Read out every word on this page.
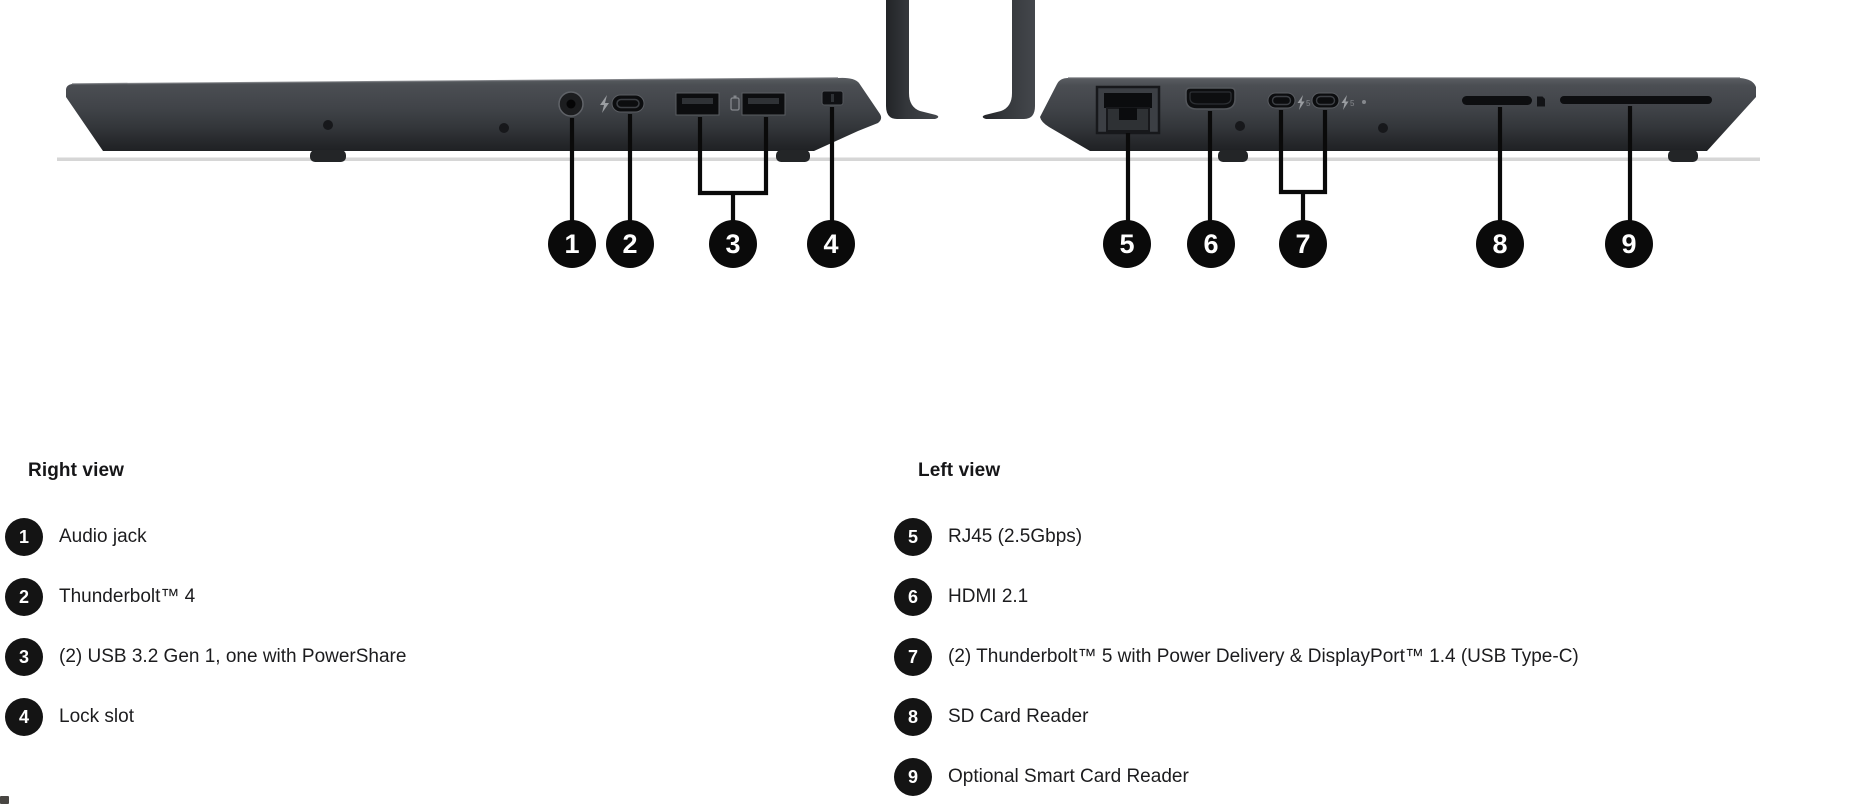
5	5
1	2	3	4	5	6	7	8	9
Right view
1	Audio jack
2	Thunderbolt™ 4
3	(2) USB 3.2 Gen 1, one with PowerShare
4	Lock slot
Left view
5	RJ45 (2.5Gbps)
6	HDMI 2.1
7	(2) Thunderbolt™ 5 with Power Delivery & DisplayPort™ 1.4 (USB Type-C)
8	SD Card Reader
9	Optional Smart Card Reader
